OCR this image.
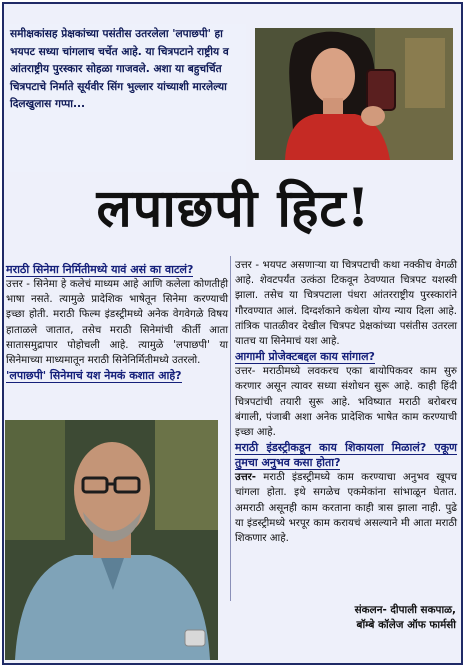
समीक्षकांसह प्रेक्षकांच्या पसंतीस उतरलेला 'लपाछपी' हा भयपट सध्या चांगलाच चर्चेत आहे. या चित्रपटाने राष्ट्रीय व आंतराष्ट्रीय पुरस्कार सोहळा गाजवले. अशा या बहुचर्चित चित्रपटाचे निर्माते सूर्यवीर सिंग भुल्लार यांच्याशी मारलेल्या दिलखुलास गप्पा...
लपाछपी हिट!

मराठी सिनेमा निर्मितीमध्ये यावं असं का वाटलं?

उत्तर - सिनेमा हे कलेचं माध्यम आहे आणि कलेला कोणतीही भाषा नसते. त्यामुळे प्रादेशिक भाषेतून सिनेमा करण्याची इच्छा होती. मराठी फिल्म इंडस्ट्रीमध्ये अनेक वेगवेगळे विषय हाताळले जातात, तसेच मराठी सिनेमांची कीर्ती आता सातासमुद्रापार पोहोचली आहे. त्यामुळे 'लपाछपी' या सिनेमाच्या माध्यमातून मराठी सिनेनिर्मितीमध्ये उतरलो.

'लपाछपी' सिनेमाचं यश नेमकं कशात आहे?

उत्तर - भयपट असणाऱ्या या चित्रपटाची कथा नक्कीच वेगळी आहे. शेवटपर्यंत उत्कंठा टिकवून ठेवण्यात चित्रपट यशस्वी झाला. तसेच या चित्रपटाला पंधरा आंतरराष्ट्रीय पुरस्कारांने गौरवण्यात आलं. दिग्दर्शकाने कथेला योग्य न्याय दिला आहे. तांत्रिक पातळीवर देखील चित्रपट प्रेक्षकांच्या पसंतीस उतरला यातच या सिनेमाचं यश आहे.

आगामी प्रोजेक्टबद्दल काय सांगाल?

उत्तर- मराठीमध्ये लवकरच एका बायोपिकवर काम सुरु करणार असून त्यावर सध्या संशोधन सुरू आहे. काही हिंदी चित्रपटांची तयारी सुरू आहे. भविष्यात मराठी बरोबरच बंगाली, पंजाबी अशा अनेक प्रादेशिक भाषेत काम करण्याची इच्छा आहे.

मराठी इंडस्ट्रीकडून काय शिकायला मिळालं? एकूण तुमचा अनुभव कसा होता?

उत्तर- मराठी इंडस्ट्रीमध्ये काम करण्याचा अनुभव खूपच चांगला होता. इथे सगळेच एकमेकांना सांभाळून घेतात. अमराठी असूनही काम करताना काही त्रास झाला नाही. पुढे या इंडस्ट्रीमध्ये भरपूर काम करायचं असल्याने मी आता मराठी शिकणार आहे.

संकलन- दीपाली सकपाळ,
बॉम्बे कॉलेज ऑफ फार्मसी
